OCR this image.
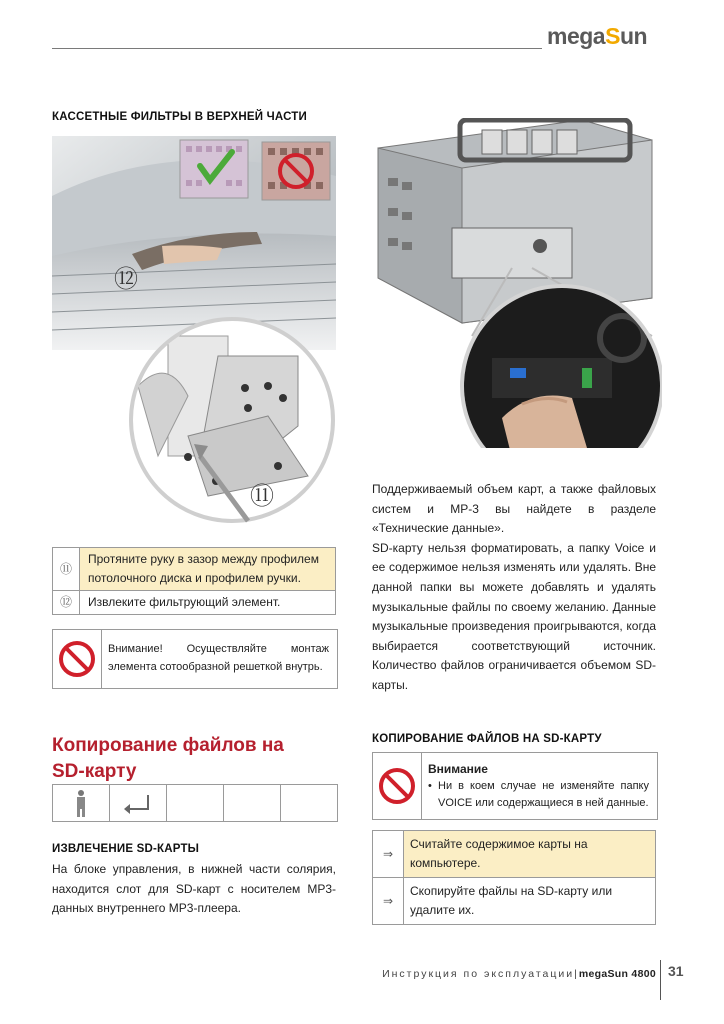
megaSun
КАССЕТНЫЕ ФИЛЬТРЫ В ВЕРХНЕЙ ЧАСТИ
⑫
⑪
⑪	Протяните руку в зазор между профилем потолочного диска и профилем ручки.
⑫	Извлеките фильтрующий элемент.
Внимание! Осуществляйте монтаж элемента сотообразной решеткой внутрь.
Поддерживаемый объем карт, а также файловых систем и MP-3 вы найдете в разделе «Технические данные».
SD-карту нельзя форматировать, а папку Voice и ее содержимое нельзя изменять или удалять. Вне данной папки вы можете добавлять и удалять музыкальные файлы по своему желанию. Данные музыкальные произведения проигрываются, когда выбирается соответствующий источник. Количество файлов ограничивается объемом SD-карты.
Копирование файлов на
SD-карту
ИЗВЛЕЧЕНИЕ SD-КАРТЫ
На блоке управления, в нижней части солярия, находится слот для SD-карт с носителем MP3-данных внутреннего MP3-плеера.
КОПИРОВАНИЕ ФАЙЛОВ НА SD-КАРТУ
Внимание
• Ни в коем случае не изменяйте папку VOICE или содержащиеся в ней данные.
⇒	Считайте содержимое карты на компьютере.
⇒	Скопируйте файлы на SD-карту или удалите их.
Инструкция по эксплуатации|megaSun 4800 31
